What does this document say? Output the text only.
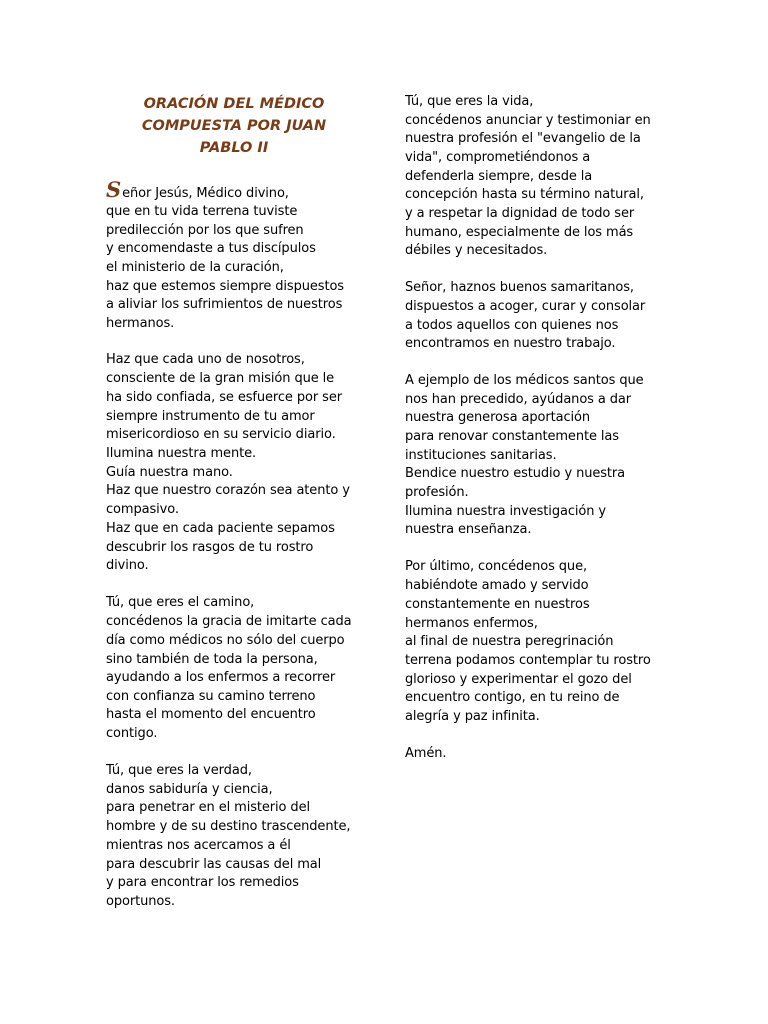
ORACIÓN DEL MÉDICO
COMPUESTA POR JUAN
PABLO II
Señor Jesús, Médico divino,
que en tu vida terrena tuviste
predilección por los que sufren
y encomendaste a tus discípulos
el ministerio de la curación,
haz que estemos siempre dispuestos
a aliviar los sufrimientos de nuestros
hermanos.
Haz que cada uno de nosotros,
consciente de la gran misión que le
ha sido confiada, se esfuerce por ser
siempre instrumento de tu amor
misericordioso en su servicio diario.
Ilumina nuestra mente.
Guía nuestra mano.
Haz que nuestro corazón sea atento y
compasivo.
Haz que en cada paciente sepamos
descubrir los rasgos de tu rostro
divino.
Tú, que eres el camino,
concédenos la gracia de imitarte cada
día como médicos no sólo del cuerpo
sino también de toda la persona,
ayudando a los enfermos a recorrer
con confianza su camino terreno
hasta el momento del encuentro
contigo.
Tú, que eres la verdad,
danos sabiduría y ciencia,
para penetrar en el misterio del
hombre y de su destino trascendente,
mientras nos acercamos a él
para descubrir las causas del mal
y para encontrar los remedios
oportunos.
Tú, que eres la vida,
concédenos anunciar y testimoniar en
nuestra profesión el "evangelio de la
vida", comprometiéndonos a
defenderla siempre, desde la
concepción hasta su término natural,
y a respetar la dignidad de todo ser
humano, especialmente de los más
débiles y necesitados.
Señor, haznos buenos samaritanos,
dispuestos a acoger, curar y consolar
a todos aquellos con quienes nos
encontramos en nuestro trabajo.
A ejemplo de los médicos santos que
nos han precedido, ayúdanos a dar
nuestra generosa aportación
para renovar constantemente las
instituciones sanitarias.
Bendice nuestro estudio y nuestra
profesión.
Ilumina nuestra investigación y
nuestra enseñanza.
Por último, concédenos que,
habiéndote amado y servido
constantemente en nuestros
hermanos enfermos,
al final de nuestra peregrinación
terrena podamos contemplar tu rostro
glorioso y experimentar el gozo del
encuentro contigo, en tu reino de
alegría y paz infinita.
Amén.
